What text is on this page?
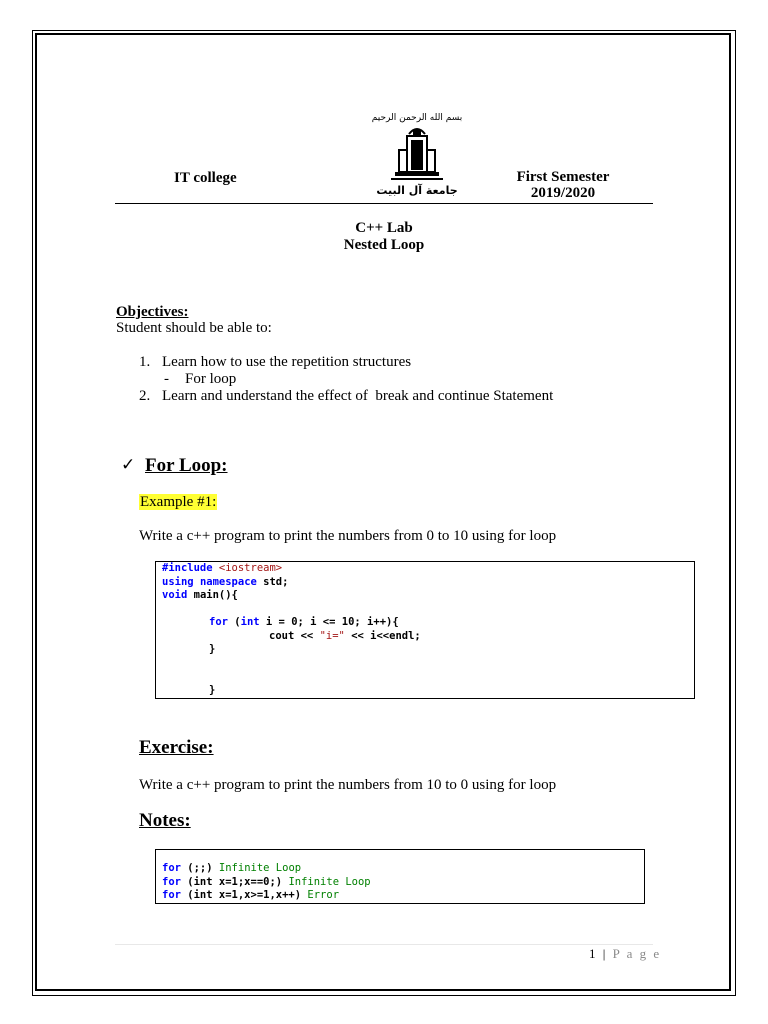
IT college
بسم الله الرحمن الرحيم
جامعة آل البيت
First Semester
2019/2020
C++ Lab
Nested Loop
Objectives:
Student should be able to:
1. Learn how to use the repetition structures
- For loop
2. Learn and understand the effect of  break and continue Statement
✓ For Loop:
Example #1:
Write a c++ program to print the numbers from 0 to 10 using for loop
#include <iostream>
using namespace std;
void main(){
for (int i = 0; i <= 10; i++){
cout << "i=" << i<<endl;
}
}
Exercise:
Write a c++ program to print the numbers from 10 to 0 using for loop
Notes:
for (;;) Infinite Loop
for (int x=1;x==0;) Infinite Loop
for (int x=1,x>=1,x++) Error
1 | P a g e
